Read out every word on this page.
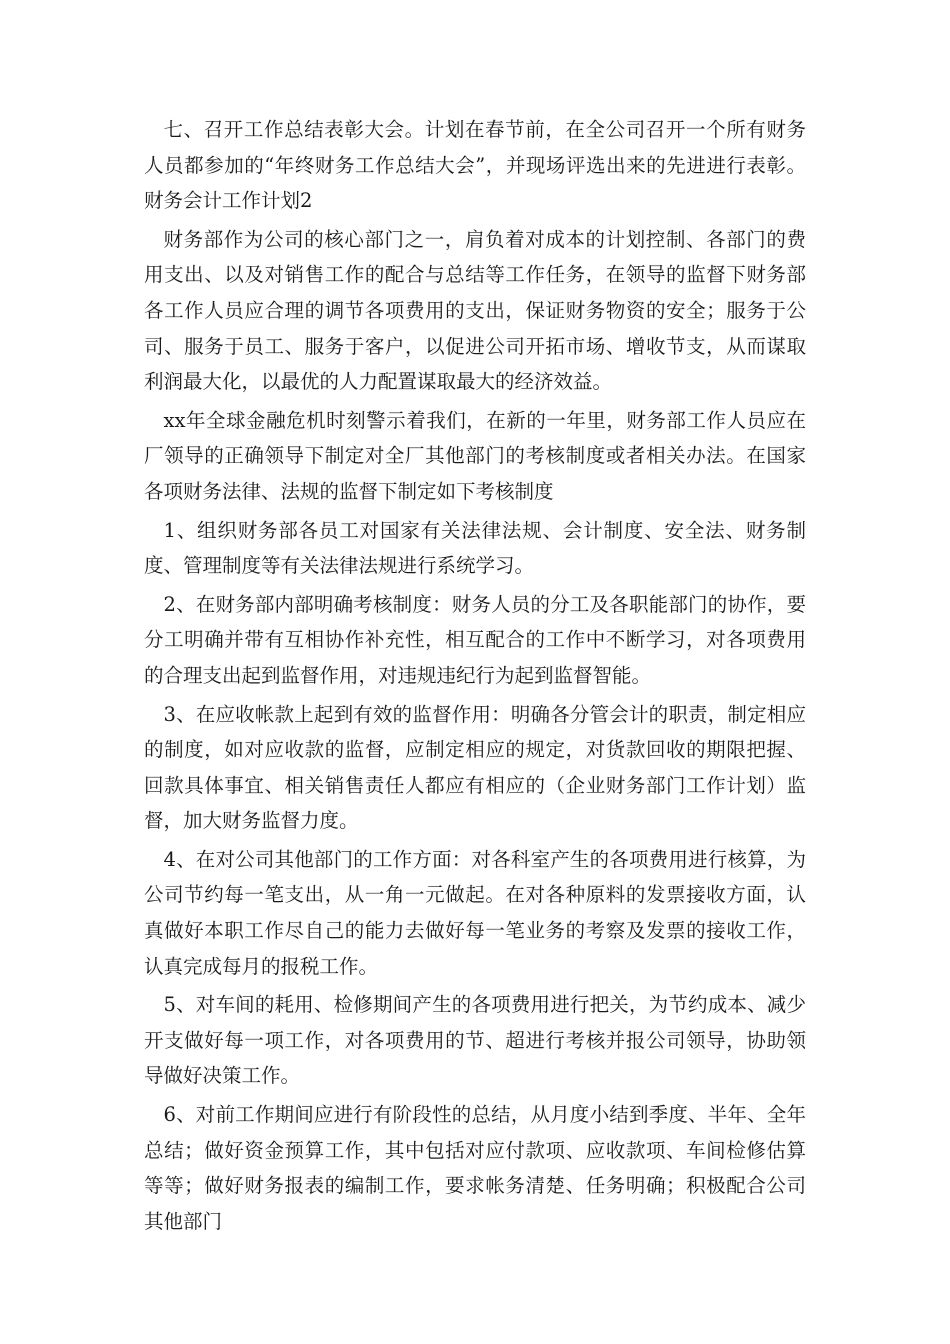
七、召开工作总结表彰大会。计划在春节前，在全公司召开一个所有财务人员都参加的“年终财务工作总结大会”，并现场评选出来的先进进行表彰。财务会计工作计划2

财务部作为公司的核心部门之一，肩负着对成本的计划控制、各部门的费用支出、以及对销售工作的配合与总结等工作任务，在领导的监督下财务部各工作人员应合理的调节各项费用的支出，保证财务物资的安全；服务于公司、服务于员工、服务于客户，以促进公司开拓市场、增收节支，从而谋取利润最大化，以最优的人力配置谋取最大的经济效益。

xx年全球金融危机时刻警示着我们，在新的一年里，财务部工作人员应在厂领导的正确领导下制定对全厂其他部门的考核制度或者相关办法。在国家各项财务法律、法规的监督下制定如下考核制度

1、组织财务部各员工对国家有关法律法规、会计制度、安全法、财务制度、管理制度等有关法律法规进行系统学习。

2、在财务部内部明确考核制度：财务人员的分工及各职能部门的协作，要分工明确并带有互相协作补充性，相互配合的工作中不断学习，对各项费用的合理支出起到监督作用，对违规违纪行为起到监督智能。

3、在应收帐款上起到有效的监督作用：明确各分管会计的职责，制定相应的制度，如对应收款的监督，应制定相应的规定，对货款回收的期限把握、回款具体事宜、相关销售责任人都应有相应的（企业财务部门工作计划）监督，加大财务监督力度。

4、在对公司其他部门的工作方面：对各科室产生的各项费用进行核算，为公司节约每一笔支出，从一角一元做起。在对各种原料的发票接收方面，认真做好本职工作尽自己的能力去做好每一笔业务的考察及发票的接收工作，认真完成每月的报税工作。

5、对车间的耗用、检修期间产生的各项费用进行把关，为节约成本、减少开支做好每一项工作，对各项费用的节、超进行考核并报公司领导，协助领导做好决策工作。

6、对前工作期间应进行有阶段性的总结，从月度小结到季度、半年、全年总结；做好资金预算工作，其中包括对应付款项、应收款项、车间检修估算等等；做好财务报表的编制工作，要求帐务清楚、任务明确；积极配合公司其他部门
